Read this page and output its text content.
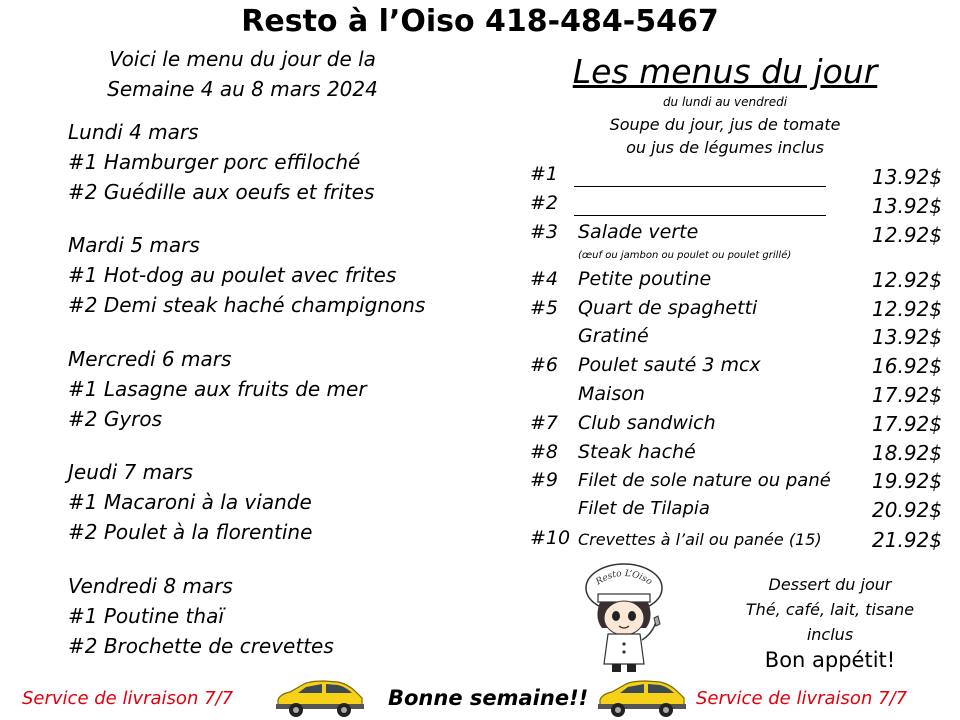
Resto à l’Oiso 418-484-5467
Voici le menu du jour de la
Semaine 4 au 8 mars 2024
Lundi 4 mars
#1 Hamburger porc effiloché
#2 Guédille aux oeufs et frites
Mardi 5 mars
#1 Hot-dog au poulet avec frites
#2 Demi steak haché champignons
Mercredi 6 mars
#1 Lasagne aux fruits de mer
#2 Gyros
Jeudi 7 mars
#1 Macaroni à la viande
#2 Poulet à la florentine
Vendredi 8 mars
#1 Poutine thaï
#2 Brochette de crevettes
Les menus du jour
du lundi au vendredi
Soupe du jour, jus de tomate
ou jus de légumes inclus
#1	13.92$
#2	13.92$
#3 Salade verte	12.92$
(œuf ou jambon ou poulet ou poulet grillé)
#4 Petite poutine	12.92$
#5 Quart de spaghetti	12.92$
Gratiné	13.92$
#6 Poulet sauté 3 mcx	16.92$
Maison	17.92$
#7 Club sandwich	17.92$
#8 Steak haché	18.92$
#9 Filet de sole nature ou pané 19.92$
Filet de Tilapia	20.92$
#10 Crevettes à l’ail ou panée (15)	21.92$
Resto L’Oiso	Dessert du jour
Thé, café, lait, tisane
inclus
Bon appétit!
Service de livraison 7/7	Bonne semaine!!	Service de livraison 7/7
